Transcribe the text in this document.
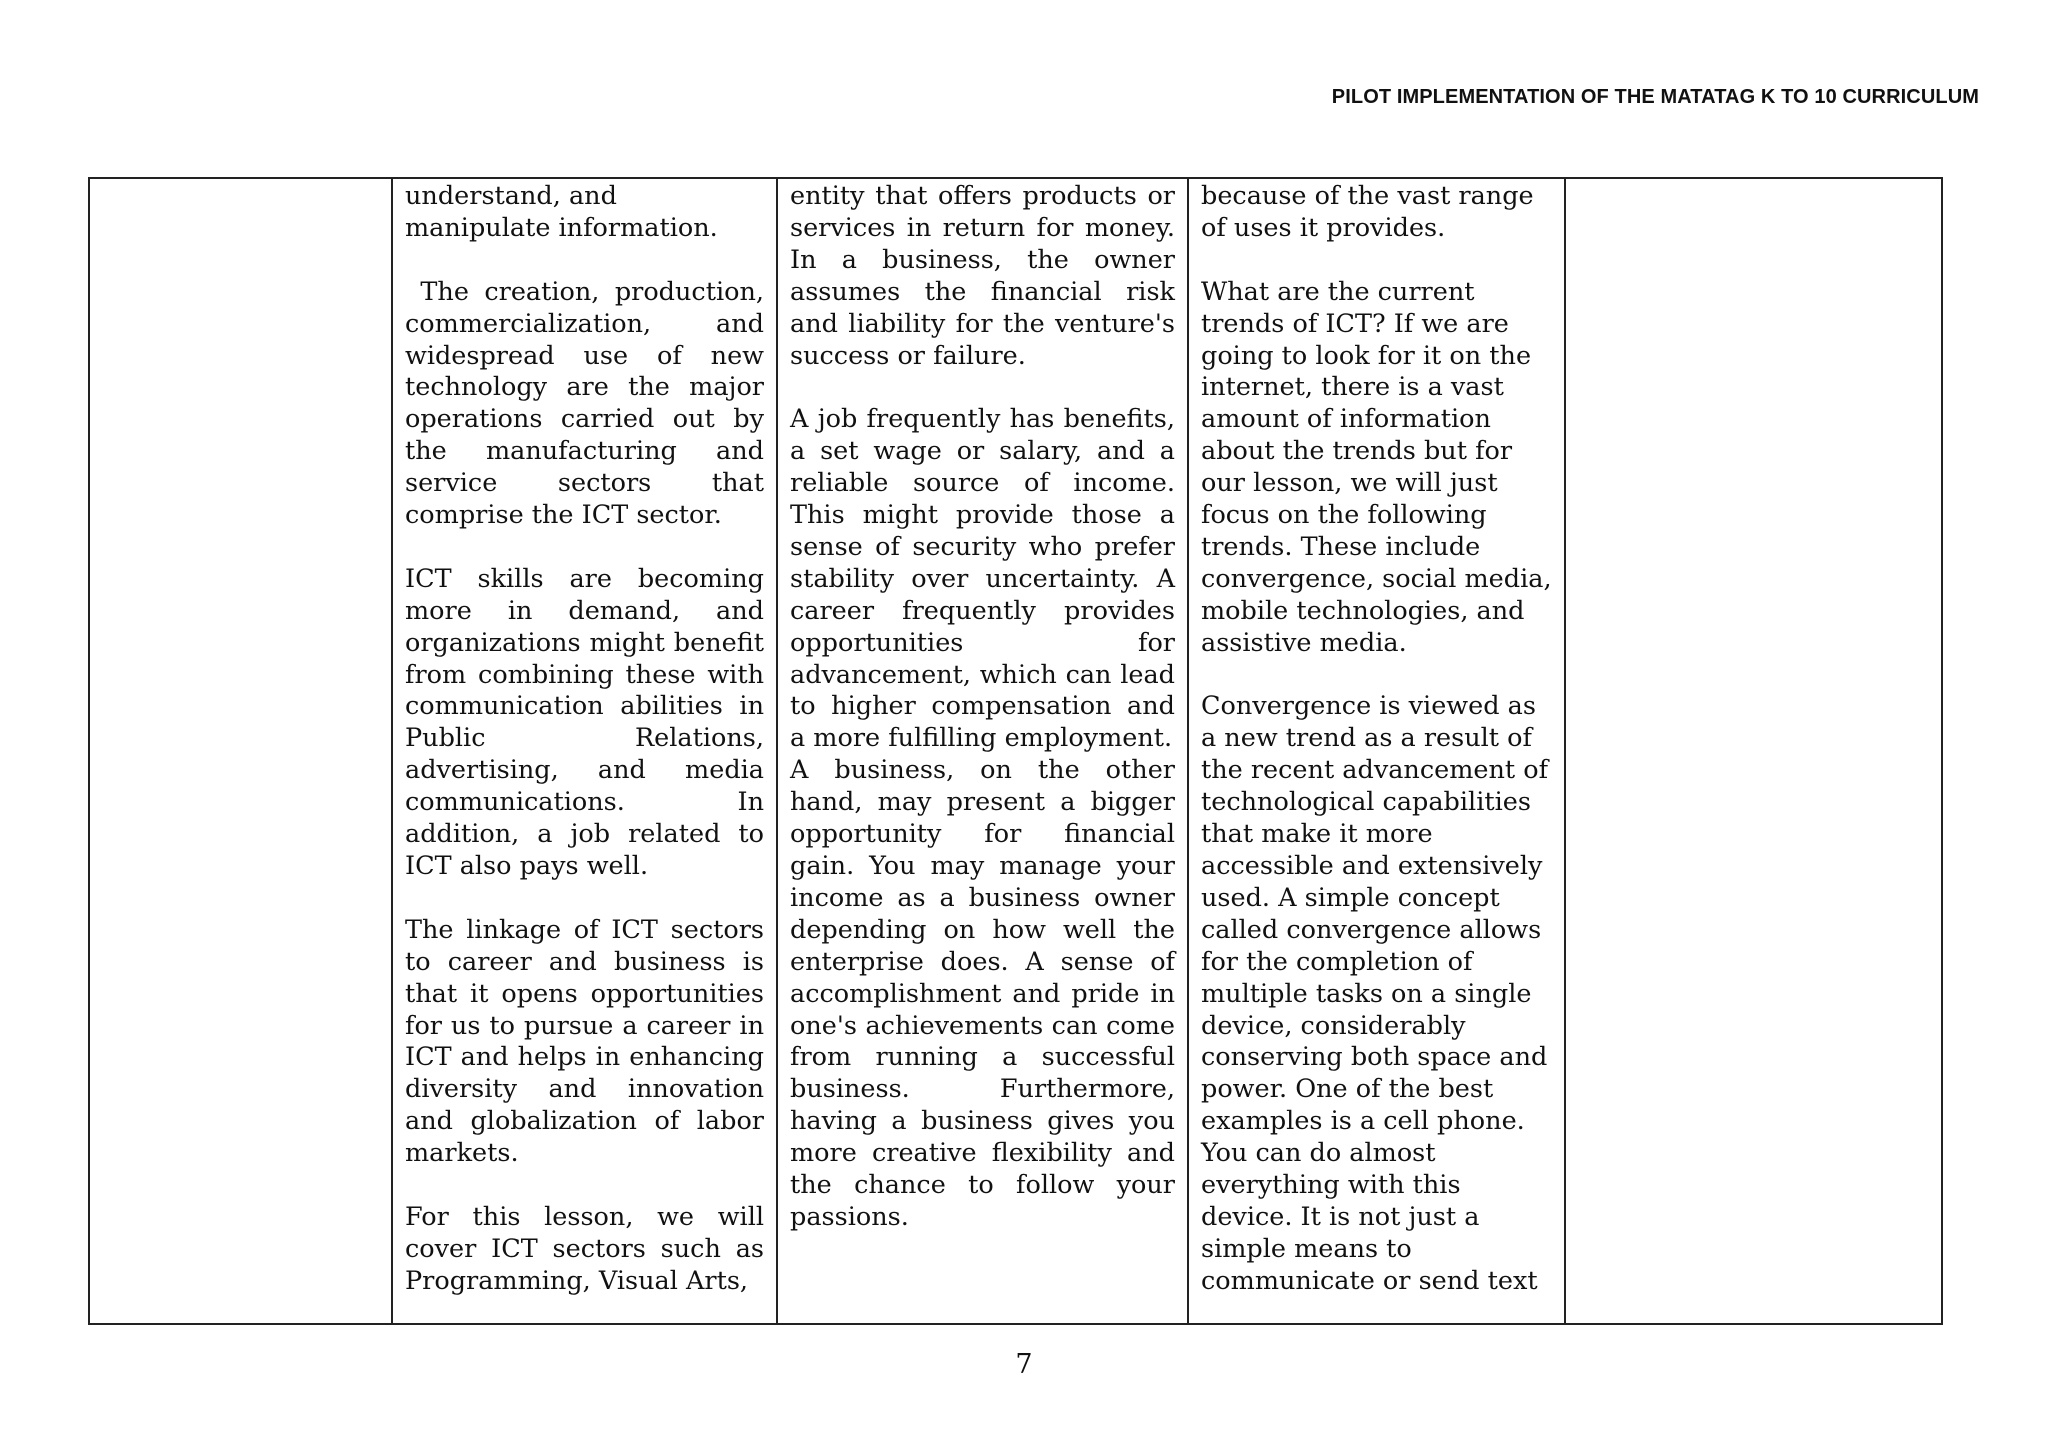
PILOT IMPLEMENTATION OF THE MATATAG K TO 10 CURRICULUM

understand, and manipulate information.

The creation, production, commercialization, and widespread use of new technology are the major operations carried out by the manufacturing and service sectors that comprise the ICT sector.

ICT skills are becoming more in demand, and organizations might benefit from combining these with communication abilities in Public Relations, advertising, and media communications. In addition, a job related to ICT also pays well.

The linkage of ICT sectors to career and business is that it opens opportunities for us to pursue a career in ICT and helps in enhancing diversity and innovation and globalization of labor markets.

For this lesson, we will cover ICT sectors such as Programming, Visual Arts,

entity that offers products or services in return for money. In a business, the owner assumes the financial risk and liability for the venture's success or failure.

A job frequently has benefits, a set wage or salary, and a reliable source of income. This might provide those a sense of security who prefer stability over uncertainty. A career frequently provides opportunities for advancement, which can lead to higher compensation and a more fulfilling employment.

A business, on the other hand, may present a bigger opportunity for financial gain. You may manage your income as a business owner depending on how well the enterprise does. A sense of accomplishment and pride in one's achievements can come from running a successful business. Furthermore, having a business gives you more creative flexibility and the chance to follow your passions.

because of the vast range of uses it provides.

What are the current trends of ICT? If we are going to look for it on the internet, there is a vast amount of information about the trends but for our lesson, we will just focus on the following trends. These include convergence, social media, mobile technologies, and assistive media.

Convergence is viewed as a new trend as a result of the recent advancement of technological capabilities that make it more accessible and extensively used. A simple concept called convergence allows for the completion of multiple tasks on a single device, considerably conserving both space and power. One of the best examples is a cell phone. You can do almost everything with this device. It is not just a simple means to communicate or send text

7
